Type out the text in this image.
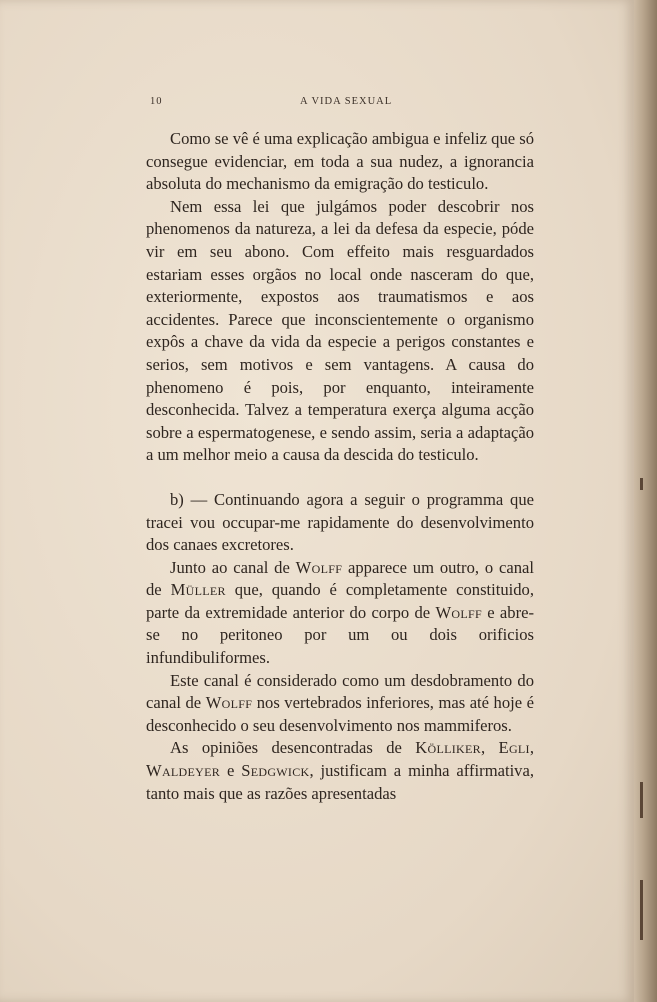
10	A VIDA SEXUAL

Como se vê é uma explicação ambigua e infeliz que só consegue evidenciar, em toda a sua nudez, a ignorancia absoluta do mechanismo da emigração do testiculo.

Nem essa lei que julgámos poder descobrir nos phenomenos da natureza, a lei da defesa da especie, póde vir em seu abono. Com effeito mais resguardados estariam esses orgãos no local onde nasceram do que, exteriormente, expostos aos traumatismos e aos accidentes. Parece que inconscientemente o organismo expôs a chave da vida da especie a perigos constantes e serios, sem motivos e sem vantagens. A causa do phenomeno é pois, por enquanto, inteiramente desconhecida. Talvez a temperatura exerça alguma acção sobre a espermatogenese, e sendo assim, seria a adaptação a um melhor meio a causa da descida do testiculo.

b) — Continuando agora a seguir o programma que tracei vou occupar-me rapidamente do desenvolvimento dos canaes excretores.

Junto ao canal de Wolff apparece um outro, o canal de Müller que, quando é completamente constituido, parte da extremidade anterior do corpo de Wolff e abre-se no peritoneo por um ou dois orificios infundibuliformes.

Este canal é considerado como um desdobramento do canal de Wolff nos vertebrados inferiores, mas até hoje é desconhecido o seu desenvolvimento nos mammiferos.

As opiniões desencontradas de Kölliker, Egli, Waldeyer e Sedgwick, justificam a minha affirmativa, tanto mais que as razões apresentadas
